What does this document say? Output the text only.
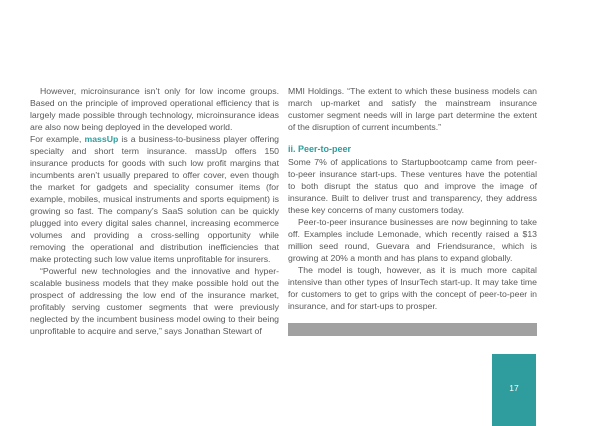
However, microinsurance isn’t only for low income groups. Based on the principle of improved operational efficiency that is largely made possible through technology, microinsurance ideas are also now being deployed in the developed world.

For example, massUp is a business-to-business player offering specialty and short term insurance. massUp offers 150 insurance products for goods with such low profit margins that incumbents aren’t usually prepared to offer cover, even though the market for gadgets and speciality consumer items (for example, mobiles, musical instruments and sports equipment) is growing so fast. The company’s SaaS solution can be quickly plugged into every digital sales channel, increasing ecommerce volumes and providing a cross-selling opportunity while removing the operational and distribution inefficiencies that make protecting such low value items unprofitable for insurers.

“Powerful new technologies and the innovative and hyper-scalable business models that they make possible hold out the prospect of addressing the low end of the insurance market, profitably serving customer segments that were previously neglected by the incumbent business model owing to their being unprofitable to acquire and serve,” says Jonathan Stewart of

MMI Holdings. “The extent to which these business models can march up-market and satisfy the mainstream insurance customer segment needs will in large part determine the extent of the disruption of current incumbents.”

ii. Peer-to-peer

Some 7% of applications to Startupbootcamp came from peer-to-peer insurance start-ups. These ventures have the potential to both disrupt the status quo and improve the image of insurance. Built to deliver trust and transparency, they address these key concerns of many customers today.

Peer-to-peer insurance businesses are now beginning to take off. Examples include Lemonade, which recently raised a $13 million seed round, Guevara and Friendsurance, which is growing at 20% a month and has plans to expand globally.

The model is tough, however, as it is much more capital intensive than other types of InsurTech start-up. It may take time for customers to get to grips with the concept of peer-to-peer in insurance, and for start-ups to prosper.

17
